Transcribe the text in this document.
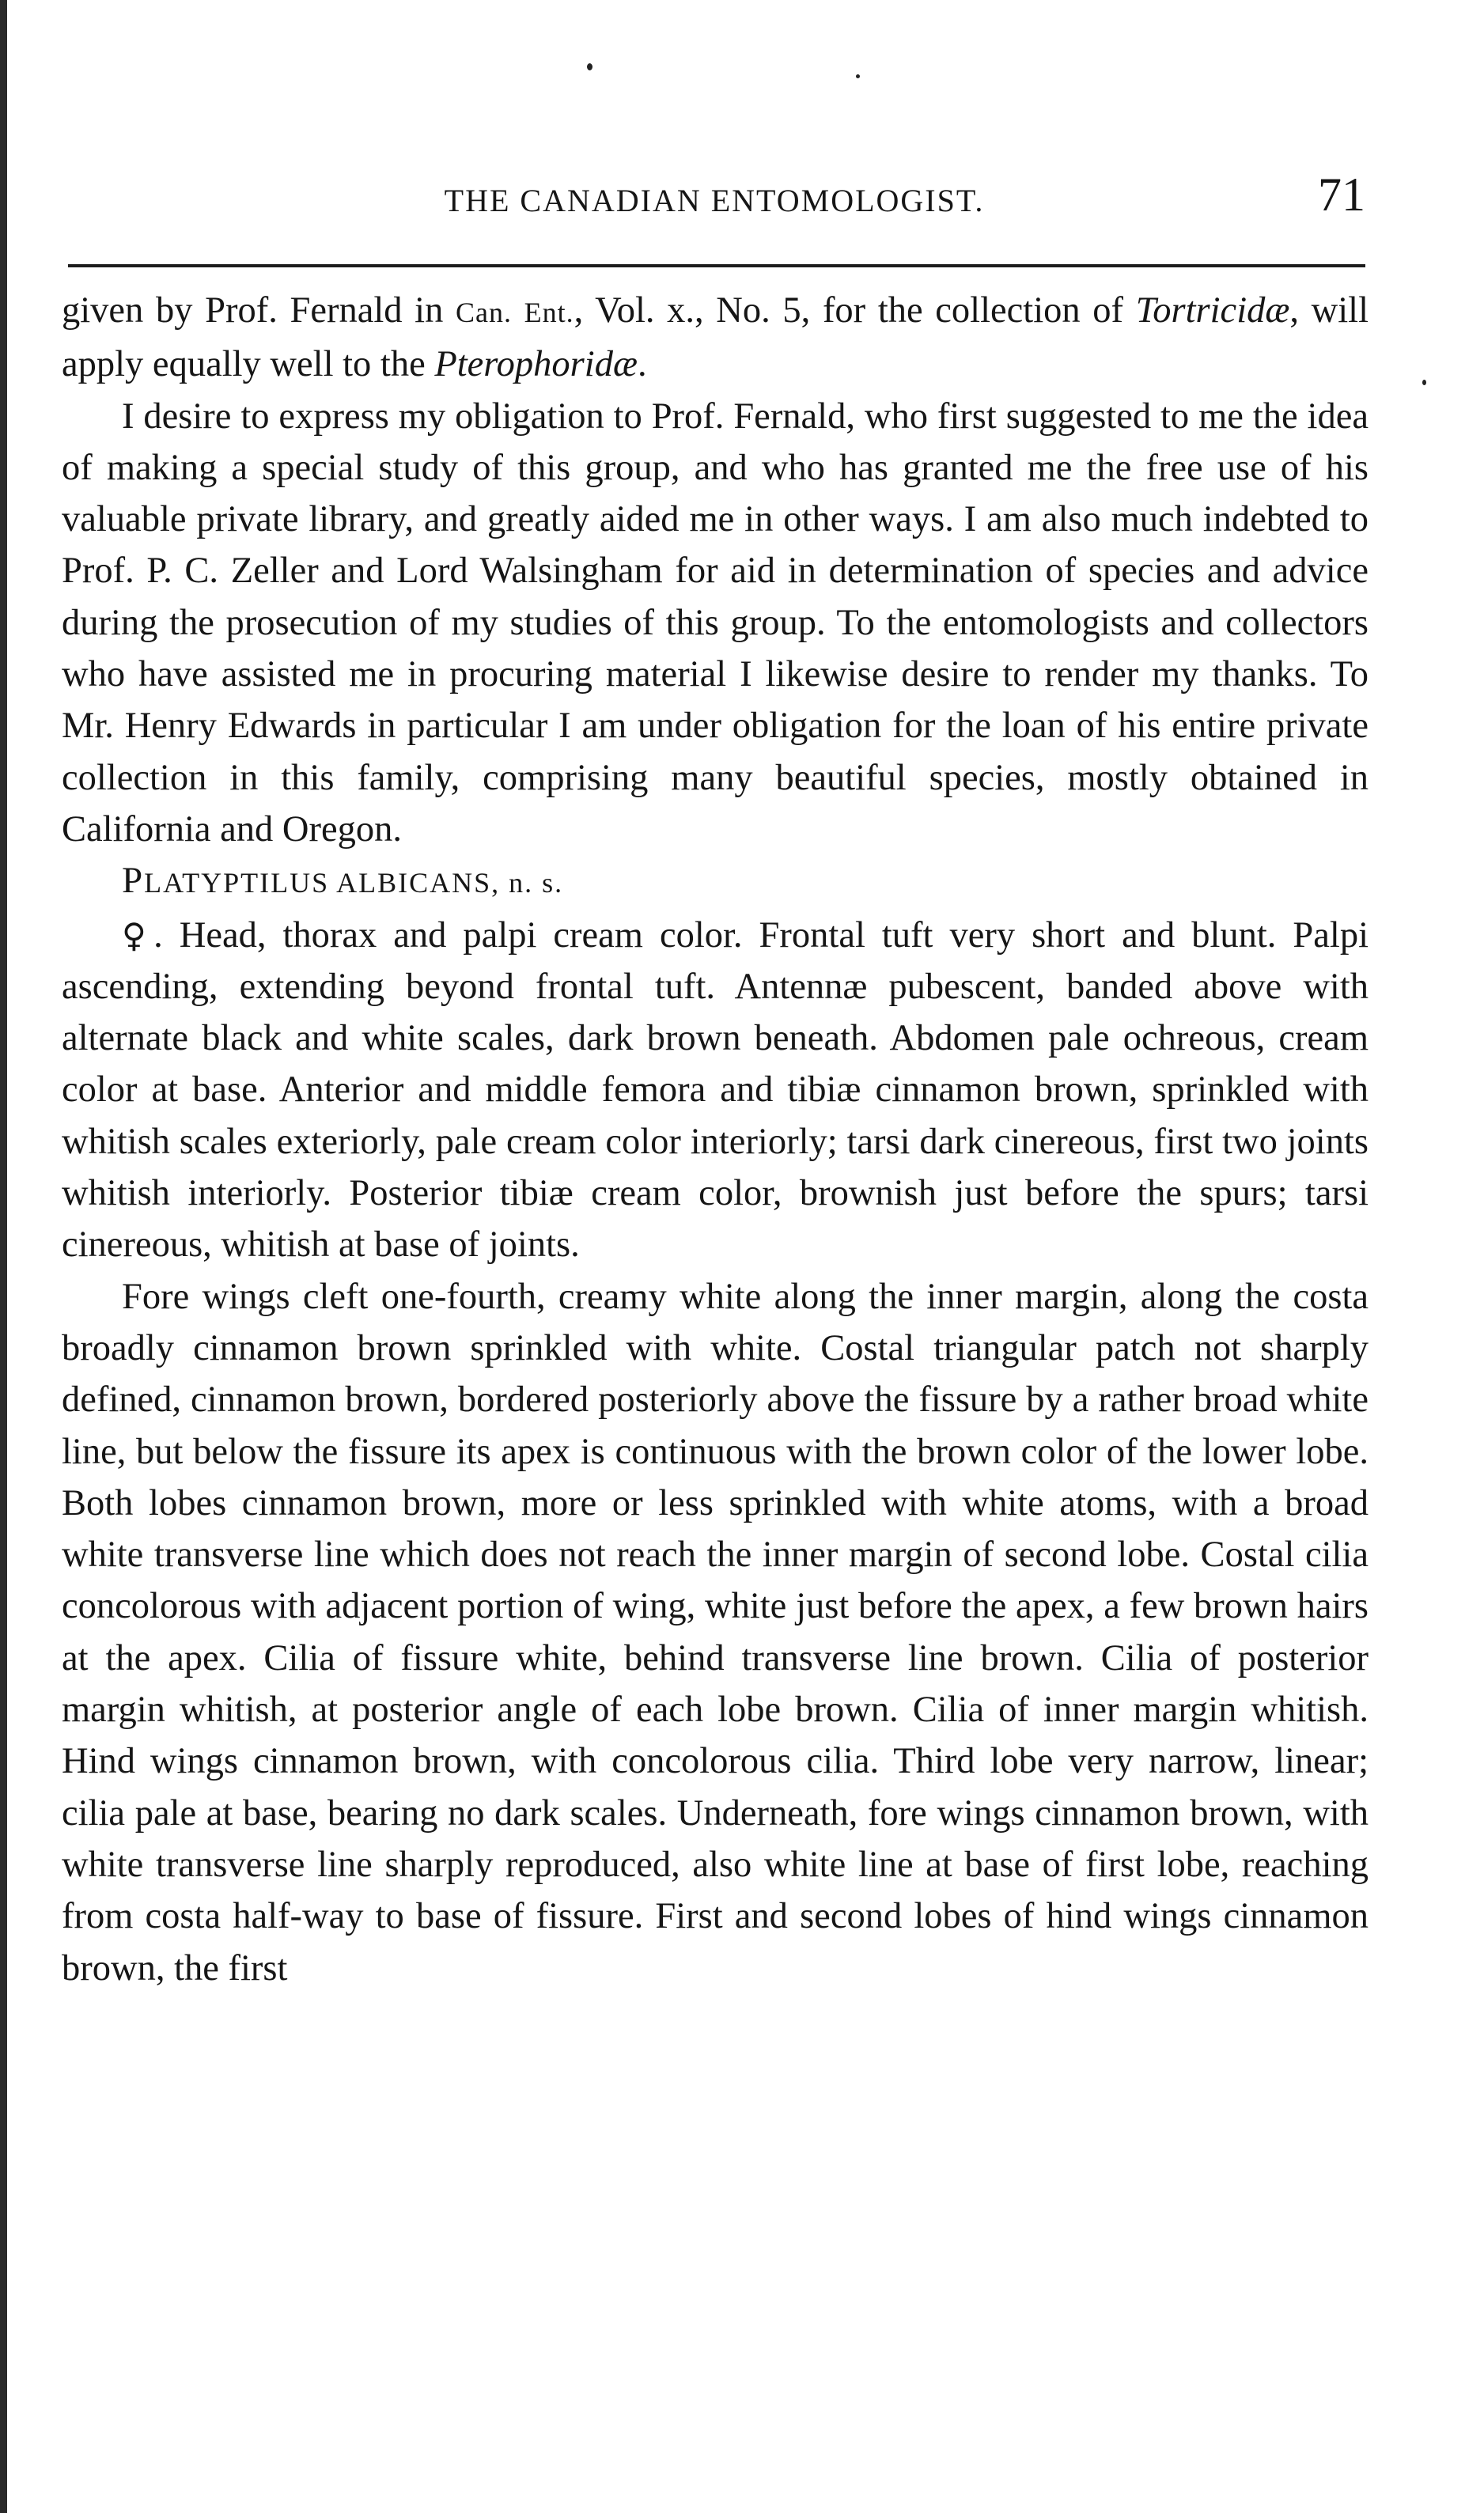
THE CANADIAN ENTOMOLOGIST.	71

given by Prof. Fernald in Can. Ent., Vol. x., No. 5, for the collection of Tortricidæ, will apply equally well to the Pterophoridæ.

I desire to express my obligation to Prof. Fernald, who first suggested to me the idea of making a special study of this group, and who has granted me the free use of his valuable private library, and greatly aided me in other ways. I am also much indebted to Prof. P. C. Zeller and Lord Walsingham for aid in determination of species and advice during the prosecution of my studies of this group. To the entomologists and collectors who have assisted me in procuring material I likewise desire to render my thanks. To Mr. Henry Edwards in particular I am under obligation for the loan of his entire private collection in this family, comprising many beautiful species, mostly obtained in California and Oregon.

PLATYPTILUS ALBICANS, n. s.

♀. Head, thorax and palpi cream color. Frontal tuft very short and blunt. Palpi ascending, extending beyond frontal tuft. Antennæ pubescent, banded above with alternate black and white scales, dark brown beneath. Abdomen pale ochreous, cream color at base. Anterior and middle femora and tibiæ cinnamon brown, sprinkled with whitish scales exteriorly, pale cream color interiorly; tarsi dark cinereous, first two joints whitish interiorly. Posterior tibiæ cream color, brownish just before the spurs; tarsi cinereous, whitish at base of joints.

Fore wings cleft one-fourth, creamy white along the inner margin, along the costa broadly cinnamon brown sprinkled with white. Costal triangular patch not sharply defined, cinnamon brown, bordered posteriorly above the fissure by a rather broad white line, but below the fissure its apex is continuous with the brown color of the lower lobe. Both lobes cinnamon brown, more or less sprinkled with white atoms, with a broad white transverse line which does not reach the inner margin of second lobe. Costal cilia concolorous with adjacent portion of wing, white just before the apex, a few brown hairs at the apex. Cilia of fissure white, behind transverse line brown. Cilia of posterior margin whitish, at posterior angle of each lobe brown. Cilia of inner margin whitish. Hind wings cinnamon brown, with concolorous cilia. Third lobe very narrow, linear; cilia pale at base, bearing no dark scales. Underneath, fore wings cinnamon brown, with white transverse line sharply reproduced, also white line at base of first lobe, reaching from costa half-way to base of fissure. First and second lobes of hind wings cinnamon brown, the first
